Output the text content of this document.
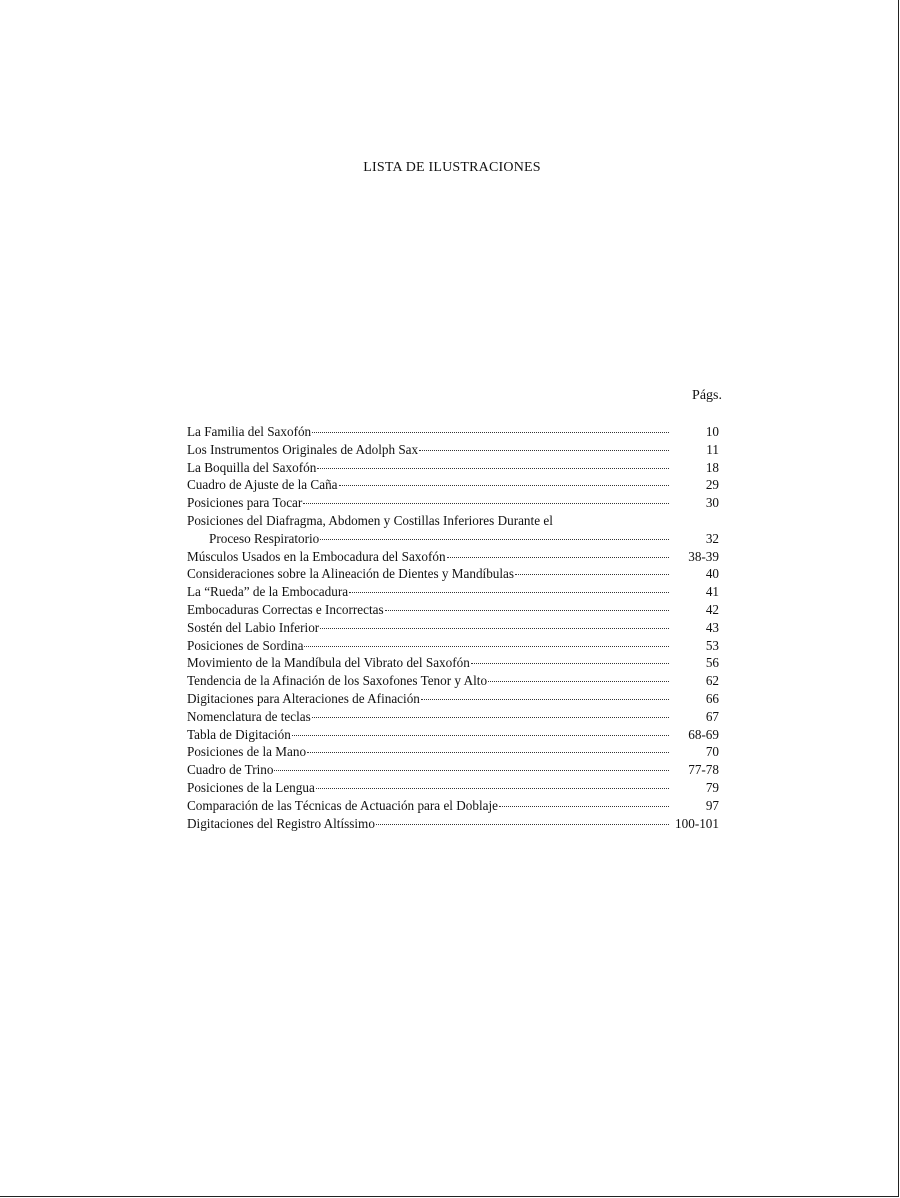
LISTA DE ILUSTRACIONES
Págs.
La Familia del Saxofón	10
Los Instrumentos Originales de Adolph Sax	11
La Boquilla del Saxofón	18
Cuadro de Ajuste de la Caña	29
Posiciones para Tocar	30
Posiciones del Diafragma, Abdomen y Costillas Inferiores Durante el
Proceso Respiratorio	32
Músculos Usados en la Embocadura del Saxofón	38-39
Consideraciones sobre la Alineación de Dientes y Mandíbulas	40
La “Rueda” de la Embocadura	41
Embocaduras Correctas e Incorrectas	42
Sostén del Labio Inferior	43
Posiciones de Sordina	53
Movimiento de la Mandíbula del Vibrato del Saxofón	56
Tendencia de la Afinación de los Saxofones Tenor y Alto	62
Digitaciones para Alteraciones de Afinación	66
Nomenclatura de teclas	67
Tabla de Digitación	68-69
Posiciones de la Mano	70
Cuadro de Trino	77-78
Posiciones de la Lengua	79
Comparación de las Técnicas de Actuación para el Doblaje	97
Digitaciones del Registro Altíssimo	100-101
